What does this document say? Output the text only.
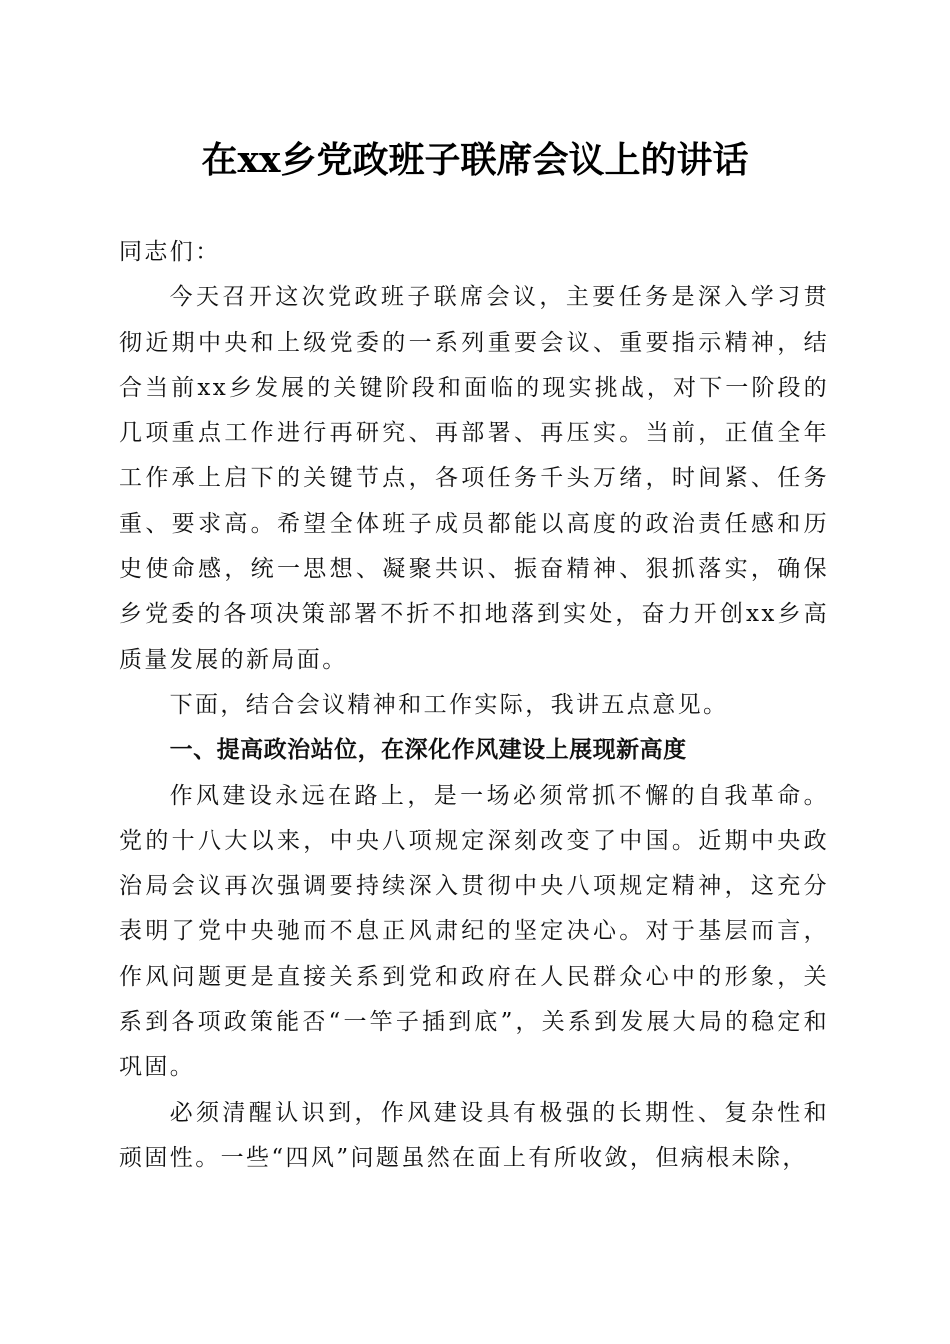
在xx乡党政班子联席会议上的讲话

同志们：

今天召开这次党政班子联席会议，主要任务是深入学习贯彻近期中央和上级党委的一系列重要会议、重要指示精神，结合当前xx乡发展的关键阶段和面临的现实挑战，对下一阶段的几项重点工作进行再研究、再部署、再压实。当前，正值全年工作承上启下的关键节点，各项任务千头万绪，时间紧、任务重、要求高。希望全体班子成员都能以高度的政治责任感和历史使命感，统一思想、凝聚共识、振奋精神、狠抓落实，确保乡党委的各项决策部署不折不扣地落到实处，奋力开创xx乡高质量发展的新局面。

下面，结合会议精神和工作实际，我讲五点意见。

一、提高政治站位，在深化作风建设上展现新高度

作风建设永远在路上，是一场必须常抓不懈的自我革命。党的十八大以来，中央八项规定深刻改变了中国。近期中央政治局会议再次强调要持续深入贯彻中央八项规定精神，这充分表明了党中央驰而不息正风肃纪的坚定决心。对于基层而言，作风问题更是直接关系到党和政府在人民群众心中的形象，关系到各项政策能否“一竿子插到底”，关系到发展大局的稳定和巩固。

必须清醒认识到，作风建设具有极强的长期性、复杂性和顽固性。一些“四风”问题虽然在面上有所收敛，但病根未除，
